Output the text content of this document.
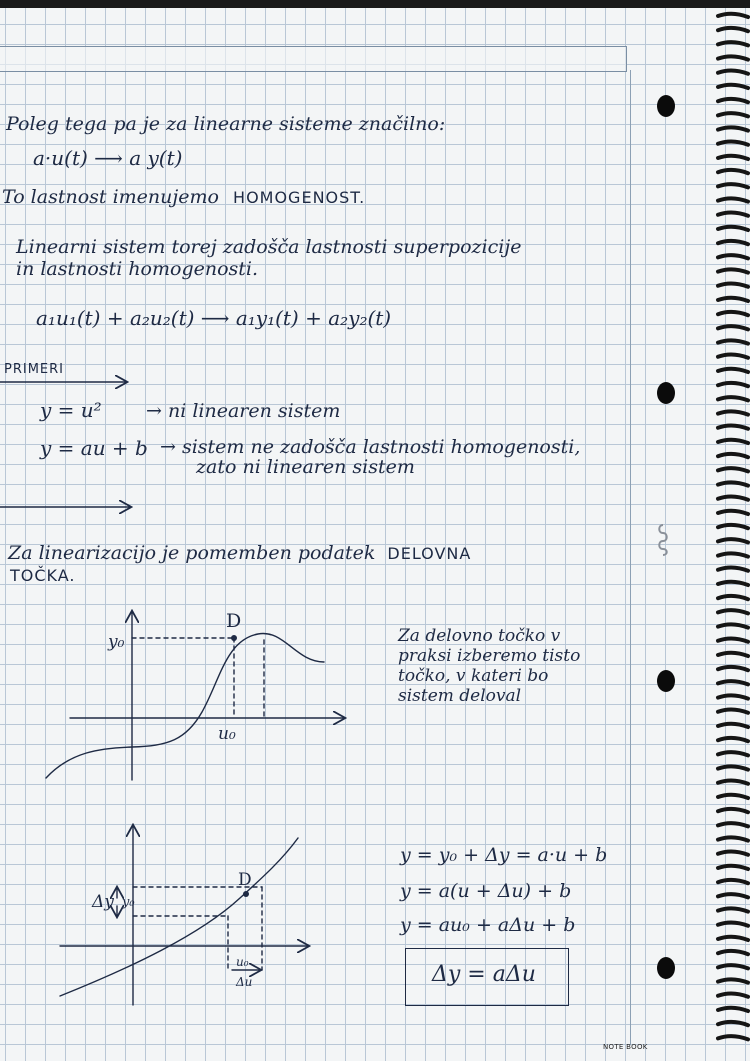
Poleg tega pa je za linearne sisteme značilno:
a·u(t) ⟶ a y(t)
To lastnost imenujemo HOMOGENOST.
Linearni sistem torej zadošča lastnosti superpozicije
in lastnosti homogenosti.
a₁u₁(t) + a₂u₂(t) ⟶ a₁y₁(t) + a₂y₂(t)
PRIMERI
y = u² → ni linearen sistem
y = au + b → sistem ne zadošča lastnosti homogenosti,
zato ni linearen sistem
Za linearizacijo je pomemben podatek DELOVNA
TOČKA.
D
y₀
u₀
Za delovno točko v
praksi izberemo tisto
točko, v kateri bo
sistem deloval
D
Δy y₀
u₀
Δu
y = y₀ + Δy = a·u + b
y = a(u + Δu) + b
y = au₀ + aΔu + b
Δy = aΔu
NOTE BOOK
